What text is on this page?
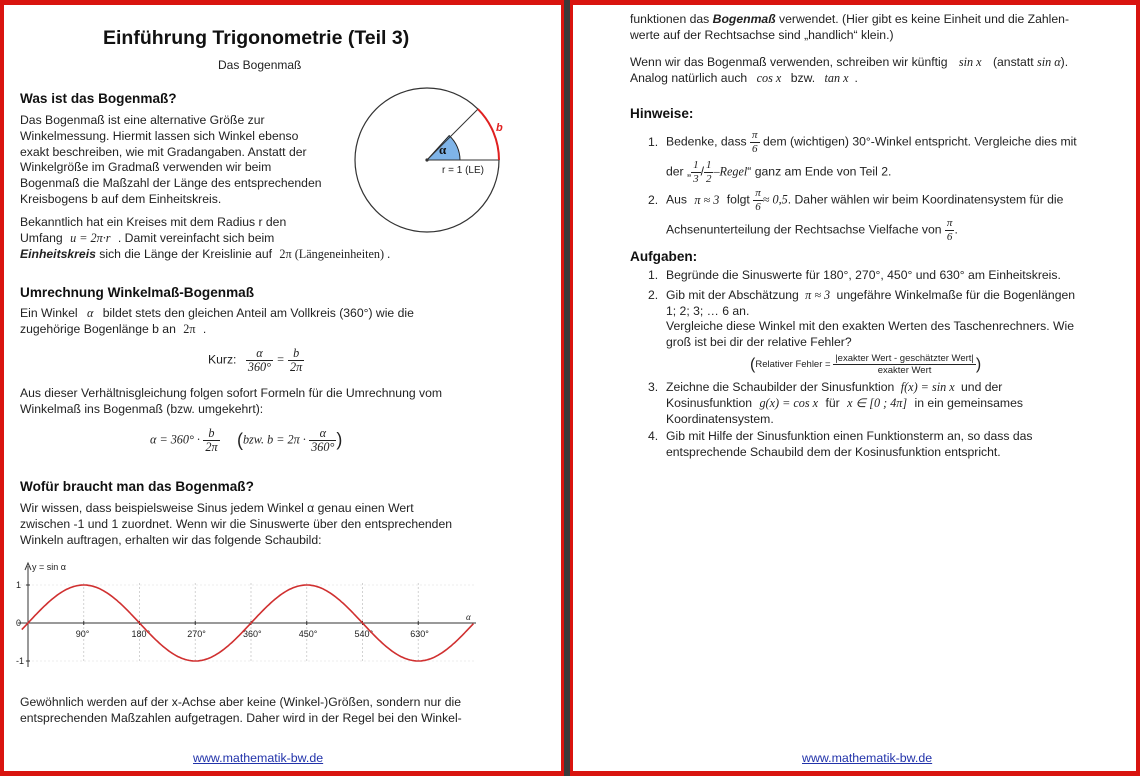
Einführung Trigonometrie (Teil 3)
Das Bogenmaß
Was ist das Bogenmaß?
Das Bogenmaß ist eine alternative Größe zur
Winkelmessung. Hiermit lassen sich Winkel ebenso
exakt beschreiben, wie mit Gradangaben. Anstatt der
Winkelgröße im Gradmaß verwenden wir beim
Bogenmaß die Maßzahl der Länge des entsprechenden
Kreisbogens b auf dem Einheitskreis.
Bekanntlich hat ein Kreises mit dem Radius r den
Umfang u = 2π·r . Damit vereinfacht sich beim
Einheitskreis sich die Länge der Kreislinie auf 2π (Längeneinheiten) .
α
b
r = 1 (LE)
Umrechnung Winkelmaß-Bogenmaß
Ein Winkel α bildet stets den gleichen Anteil am Vollkreis (360°) wie die
zugehörige Bogenlänge b an 2π .
Kurz: $\frac{\alpha}{360^\circ} = \frac{b}{2\pi}$
Aus dieser Verhältnisgleichung folgen sofort Formeln für die Umrechnung vom
Winkelmaß ins Bogenmaß (bzw. umgekehrt):
$\alpha = 360^\circ \cdot \frac{b}{2\pi} (bzw$. $b = 2\pi \cdot \frac{\alpha}{360^\circ}$ )
Wofür braucht man das Bogenmaß?
Wir wissen, dass beispielsweise Sinus jedem Winkel α genau einen Wert
zwischen -1 und 1 zuordnet. Wenn wir die Sinuswerte über den entsprechenden
Winkeln auftragen, erhalten wir das folgende Schaubild:
y = sin α
α
90°	180°	270°	360°	450°	540°	630°
1
0
-1
Gewöhnlich werden auf der x-Achse aber keine (Winkel-)Größen, sondern nur die
entsprechenden Maßzahlen aufgetragen. Daher wird in der Regel bei den Winkel-
www.mathematik-bw.de
funktionen das Bogenmaß verwendet. (Hier gibt es keine Einheit und die Zahlen-
werte auf der Rechtsachse sind „handlich“ klein.)
Wenn wir das Bogenmaß verwenden, schreiben wir künftig sin x (anstatt sin α).
Analog natürlich auch cos x bzw. tan x .
Hinweise:
1. Bedenke, dass $\frac{\pi}{6}$ dem (wichtigen) 30°-Winkel entspricht. Vergleiche dies mit
der „ $\frac{1}{3} / \frac{1}{2}$ –Regel“ ganz am Ende von Teil 2.
2. Aus π ≈ 3 folgt $\frac{\pi}{6} \approx 0,5$. Daher wählen wir beim Koordinatensystem für die
Achsenunterteilung der Rechtsachse Vielfache von $\frac{\pi}{6}$ .
Aufgaben:
1. Begründe die Sinuswerte für 180°, 270°, 450° und 630° am Einheitskreis.
2. Gib mit der Abschätzung π ≈ 3 ungefähre Winkelmaße für die Bogenlängen
1; 2; 3; … 6 an.
Vergleiche diese Winkel mit den exakten Werten des Taschenrechners. Wie
groß ist bei dir der relative Fehler?
(Relativer Fehler = $\frac{\text{|exakter Wert - geschätzter Wert|}}{\text{exakter Wert}}$ )
3. Zeichne die Schaubilder der Sinusfunktion f(x) = sin x und der
Kosinusfunktion g(x) = cos x für x ∈ [0 ; 4π] in ein gemeinsames
Koordinatensystem.
4. Gib mit Hilfe der Sinusfunktion einen Funktionsterm an, so dass das
entsprechende Schaubild dem der Kosinusfunktion entspricht.
www.mathematik-bw.de
